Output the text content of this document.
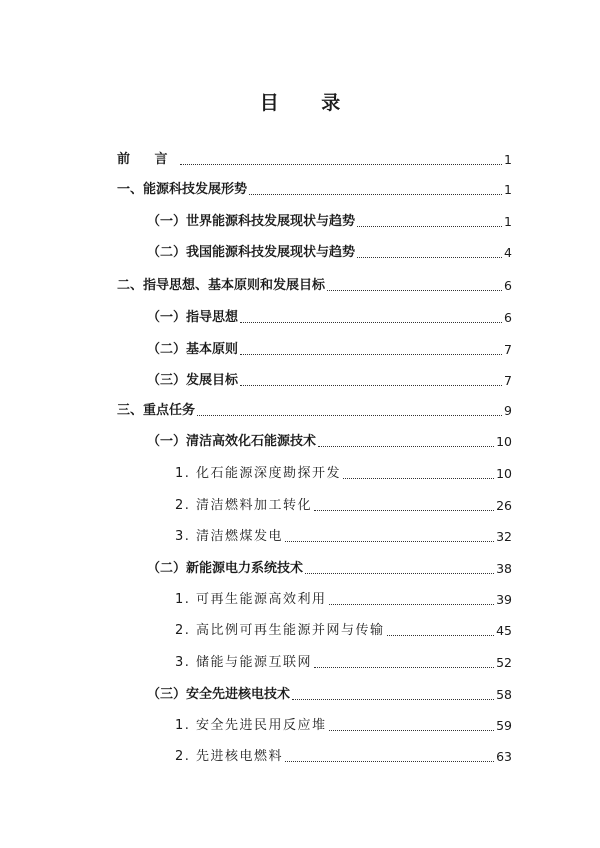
目 录
前 言	1
一、能源科技发展形势	1
（一）世界能源科技发展现状与趋势	1
（二）我国能源科技发展现状与趋势	4
二、指导思想、基本原则和发展目标	6
（一）指导思想	6
（二）基本原则	7
（三）发展目标	7
三、重点任务	9
（一）清洁高效化石能源技术	10
1. 化石能源深度勘探开发	10
2. 清洁燃料加工转化	26
3. 清洁燃煤发电	32
（二）新能源电力系统技术	38
1. 可再生能源高效利用	39
2. 高比例可再生能源并网与传输	45
3. 储能与能源互联网	52
（三）安全先进核电技术	58
1. 安全先进民用反应堆	59
2. 先进核电燃料	63
